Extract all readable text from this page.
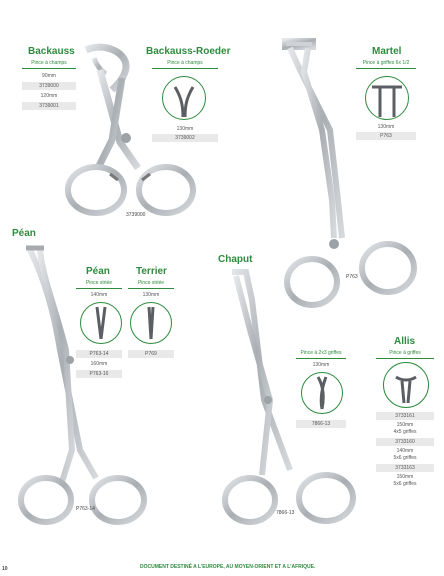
Backauss
Pince à champs
90mm
3739000
120mm
3739001
3739000
Backauss-Roeder
Pince à champs
130mm
3739002
Martel
Pince à griffes 6x 1/2
130mm
P763
P763
Péan
Péan
Pince striée
140mm
P763-14
160mm
P763-16
P763-14
Terrier
Pince striée
130mm
P769
Chaput
Pince à 2x3 griffes
130mm
7866-13
7866-13
Allis
Pince à griffes
3733161
150mm
4x5 griffes
3733160
140mm
5x6 griffes
3733163
150mm
5x6 griffes
10	DOCUMENT DESTINÉ A L'EUROPE, AU MOYEN-ORIENT ET A L'AFRIQUE.
